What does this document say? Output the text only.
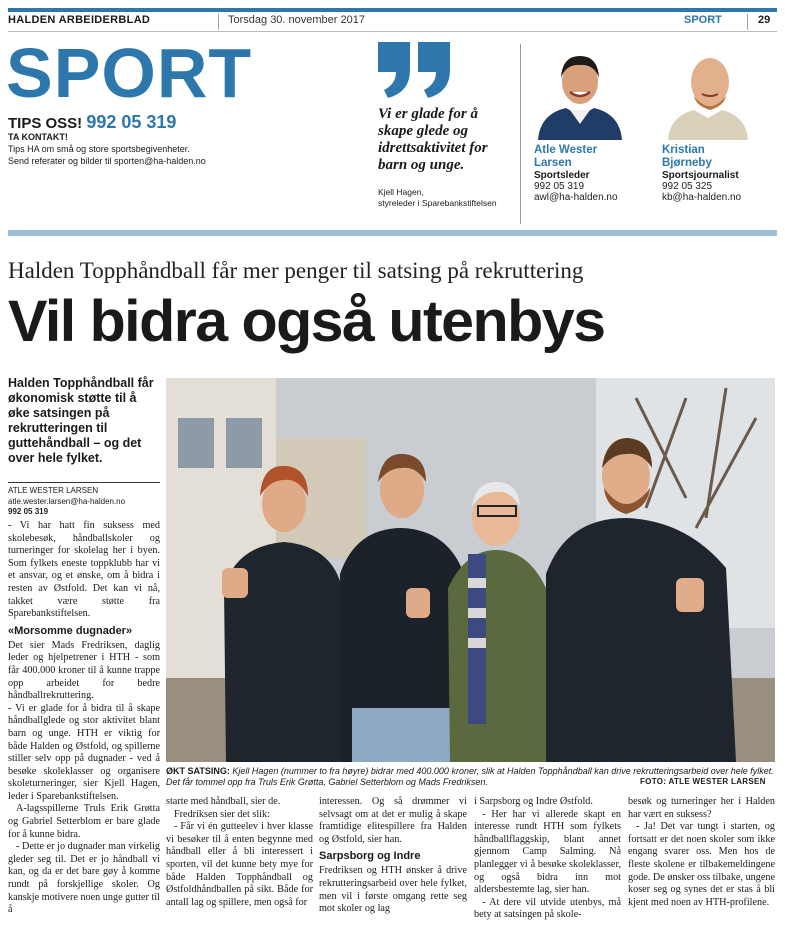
HALDEN ARBEIDERBLAD	Torsdag 30. november 2017	SPORT	29
SPORT
TIPS OSS! 992 05 319
TA KONTAKT!
Tips HA om små og store sportsbegivenheter.
Send referater og bilder til sporten@ha-halden.no
Vi er glade for å skape glede og idrettsaktivitet for barn og unge.
Kjell Hagen,
styreleder i Sparebankstiftelsen
Atle Wester
Larsen
Sportsleder
992 05 319
awl@ha-halden.no
Kristian
Bjørneby
Sportsjournalist
992 05 325
kb@ha-halden.no
Halden Topphåndball får mer penger til satsing på rekruttering
Vil bidra også utenbys
Halden Topphåndball får økonomisk støtte til å øke satsingen på rekrutteringen til guttehåndball – og det over hele fylket.
ATLE WESTER LARSEN
atle.wester.larsen@ha-halden.no
992 05 319

- Vi har hatt fin suksess med skolebesøk, håndballskoler og turneringer for skolelag her i byen. Som fylkets eneste toppklubb har vi et ansvar, og et ønske, om å bidra i resten av Østfold. Det kan vi nå, takket være støtte fra Sparebankstiftelsen.

«Morsomme dugnader»

Det sier Mads Fredriksen, daglig leder og hjelpetrener i HTH - som får 400.000 kroner til å kunne trappe opp arbeidet for bedre håndballrekruttering.

- Vi er glade for å bidra til å skape håndballglede og stor aktivitet blant barn og unge. HTH er viktig for både Halden og Østfold, og spillerne stiller selv opp på dugnader - ved å besøke skoleklasser og organisere skoleturneringer, sier Kjell Hagen, leder i Sparebankstiftelsen.

A-lagsspillerne Truls Erik Grøtta og Gabriel Setterblom er bare glade for å kunne bidra.

- Dette er jo dugnader man virkelig gleder seg til. Det er jo håndball vi kan, og da er det bare gøy å komme rundt på forskjellige skoler. Og kanskje motivere noen unge gutter til å

ØKT SATSING: Kjell Hagen (nummer to fra høyre) bidrar med 400.000 kroner, slik at Halden Topphåndball kan drive rekrutteringsarbeid over hele fylket. Det får tommel opp fra Truls Erik Grøtta, Gabriel Setterblom og Mads Fredriksen.	FOTO: ATLE WESTER LARSEN

starte med håndball, sier de.

Fredriksen sier det slik:

- Får vi én gutteelev i hver klasse vi besøker til å enten begynne med håndball eller å bli interessert i sporten, vil det kunne bety mye for både Halden Topphåndball og Østfoldhåndballen på sikt. Både for antall lag og spillere, men også for

interessen. Og så drømmer vi selvsagt om at det er mulig å skape framtidige elitespillere fra Halden og Østfold, sier han.

Sarpsborg og Indre

Fredriksen og HTH ønsker å drive rekrutteringsarbeid over hele fylket, men vil i første omgang rette seg mot skoler og lag

i Sarpsborg og Indre Østfold.

- Her har vi allerede skapt en interesse rundt HTH som fylkets håndballflaggskip, blant annet gjennom Camp Salming. Nå planlegger vi å besøke skoleklasser, og også bidra inn mot aldersbestemte lag, sier han.

- At dere vil utvide utenbys, må bety at satsingen på skole-

besøk og turneringer her i Halden har vært en suksess?

- Ja! Det var tungt i starten, og fortsatt er det noen skoler som ikke engang svarer oss. Men hos de fleste skolene er tilbakemeldingene gode. De ønsker oss tilbake, ungene koser seg og synes det er stas å bli kjent med noen av HTH-profilene.
